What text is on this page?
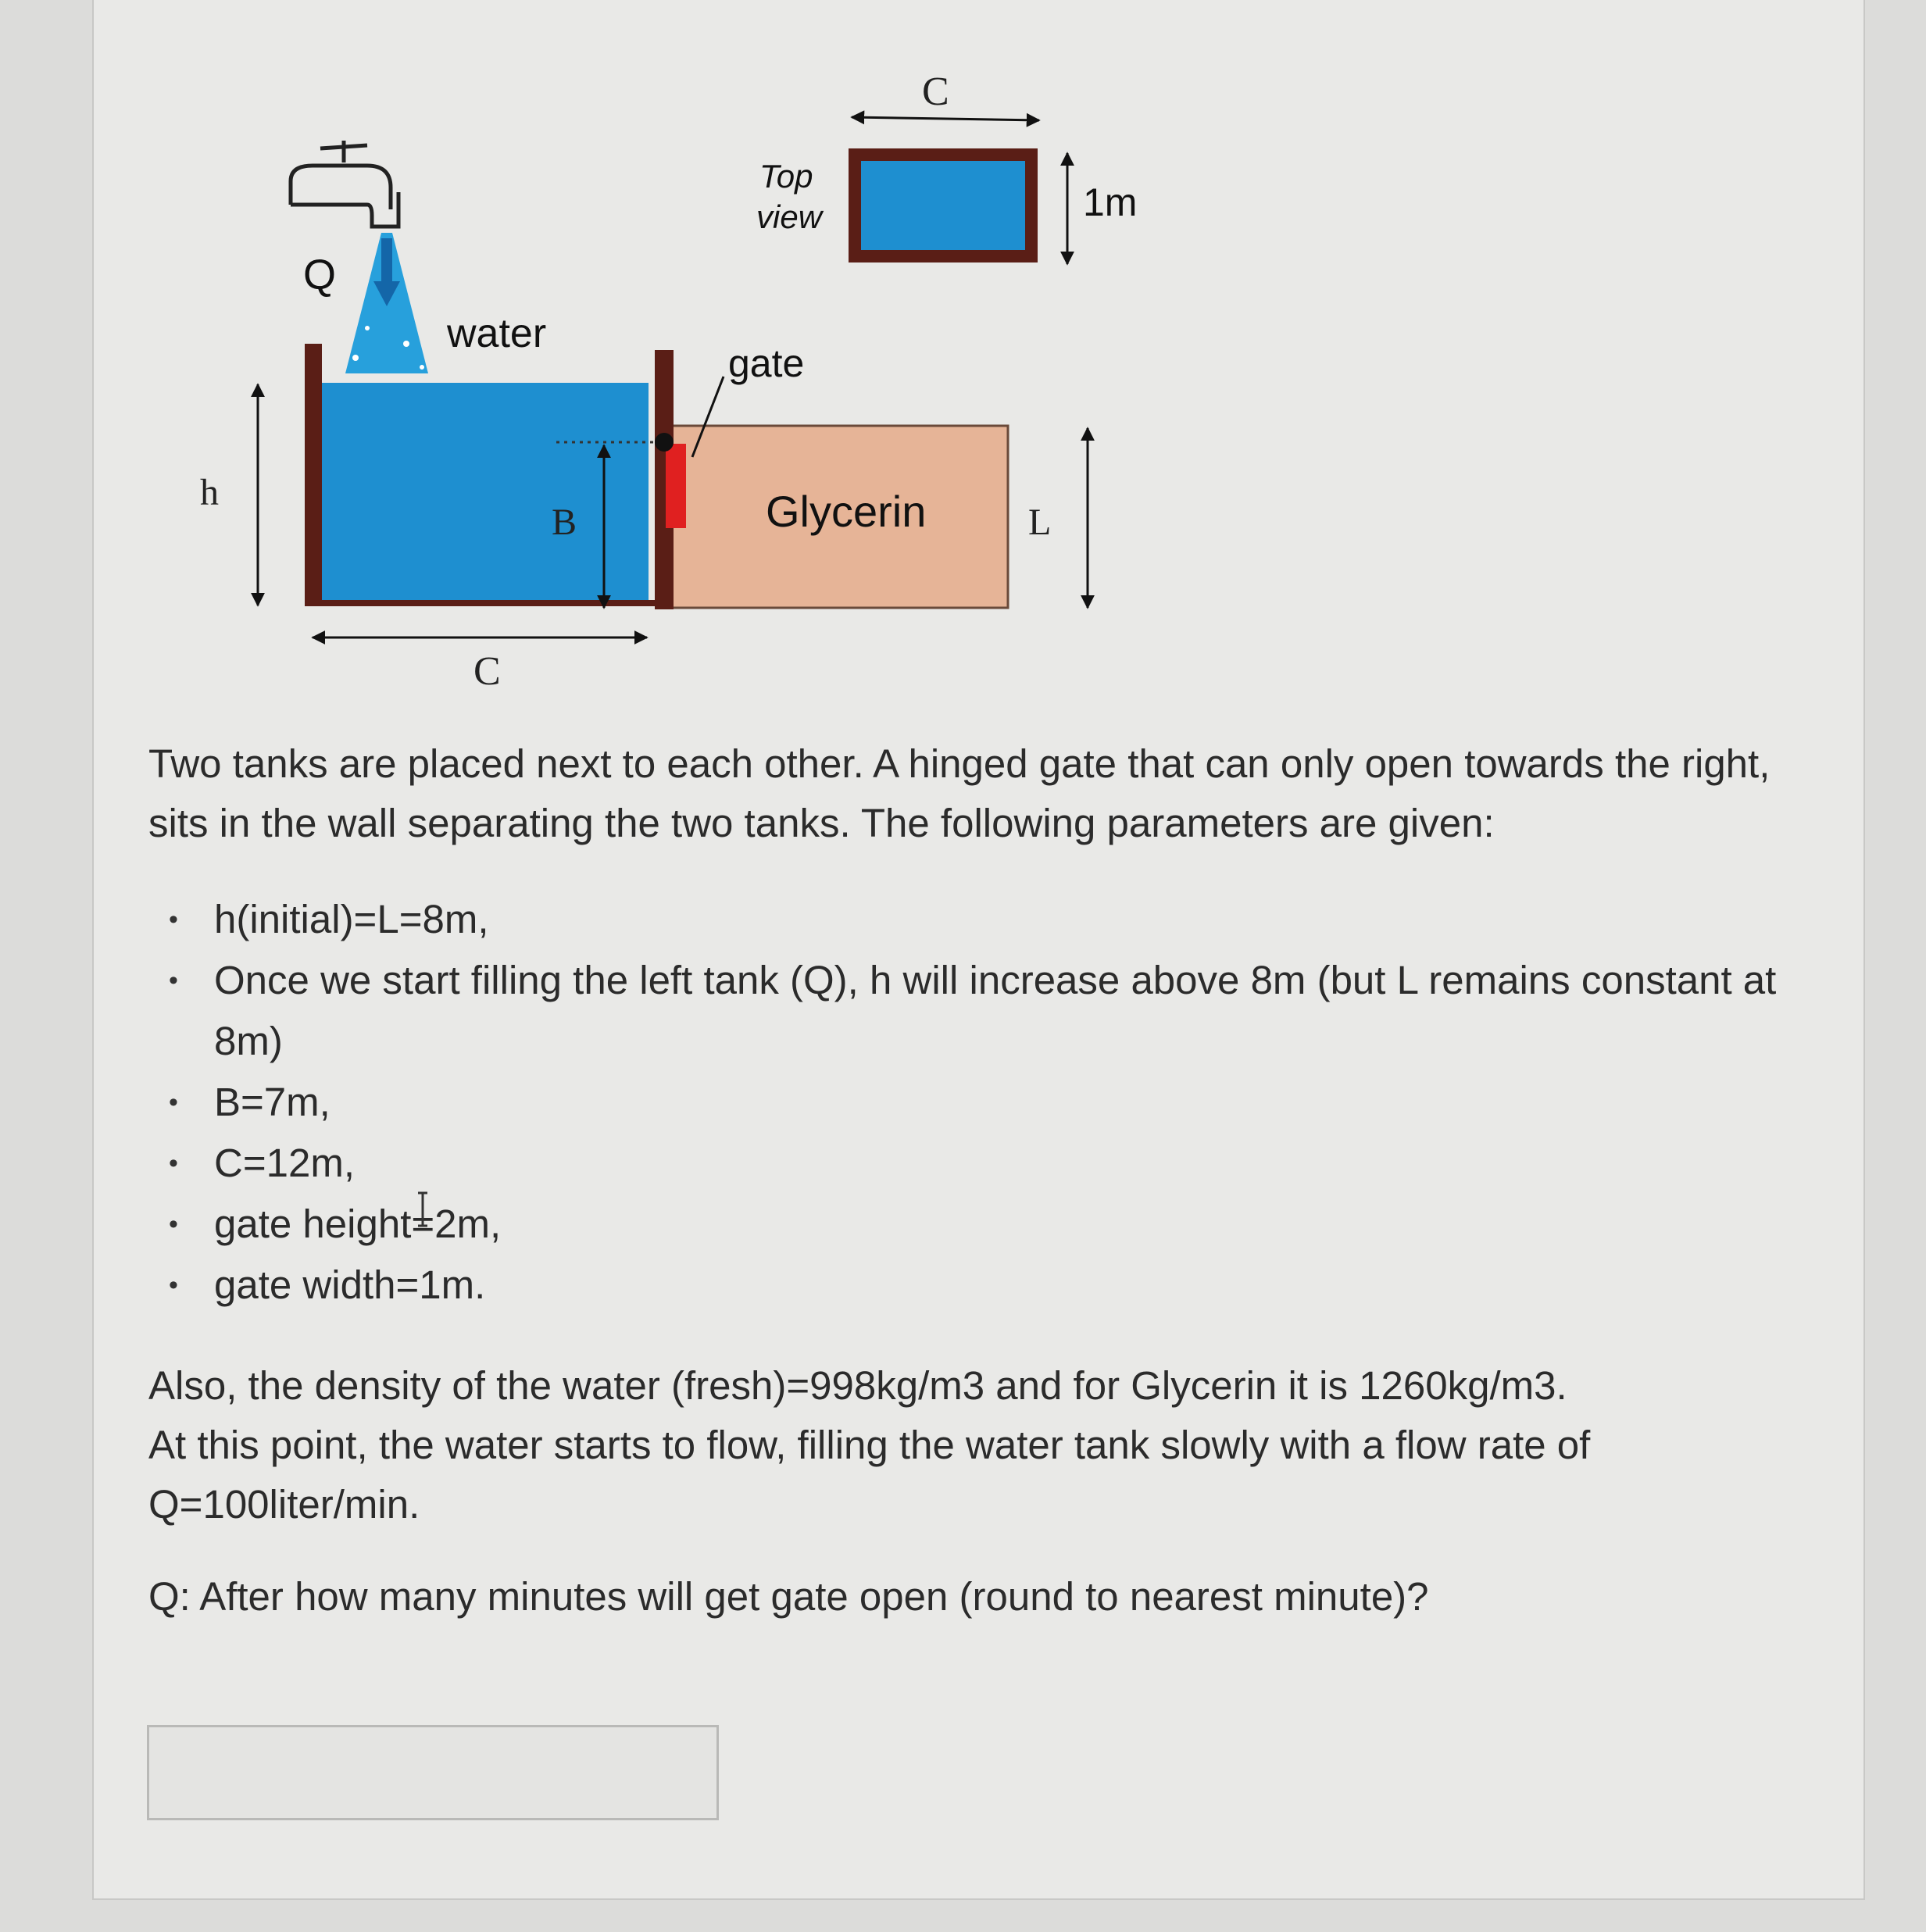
Q
water
h
B
C
C
Top
view	1m
gate
Glycerin	L

Two tanks are placed next to each other. A hinged gate that can only open towards the right, sits in the wall separating the two tanks. The following parameters are given:

• h(initial)=L=8m,
• Once we start filling the left tank (Q), h will increase above 8m (but L remains constant at 8m)
• B=7m,
• C=12m,
• gate height=2m,
• gate width=1m.

Also, the density of the water (fresh)=998kg/m3 and for Glycerin it is 1260kg/m3.

At this point, the water starts to flow, filling the water tank slowly with a flow rate of Q=100liter/min.

Q: After how many minutes will get gate open (round to nearest minute)?
